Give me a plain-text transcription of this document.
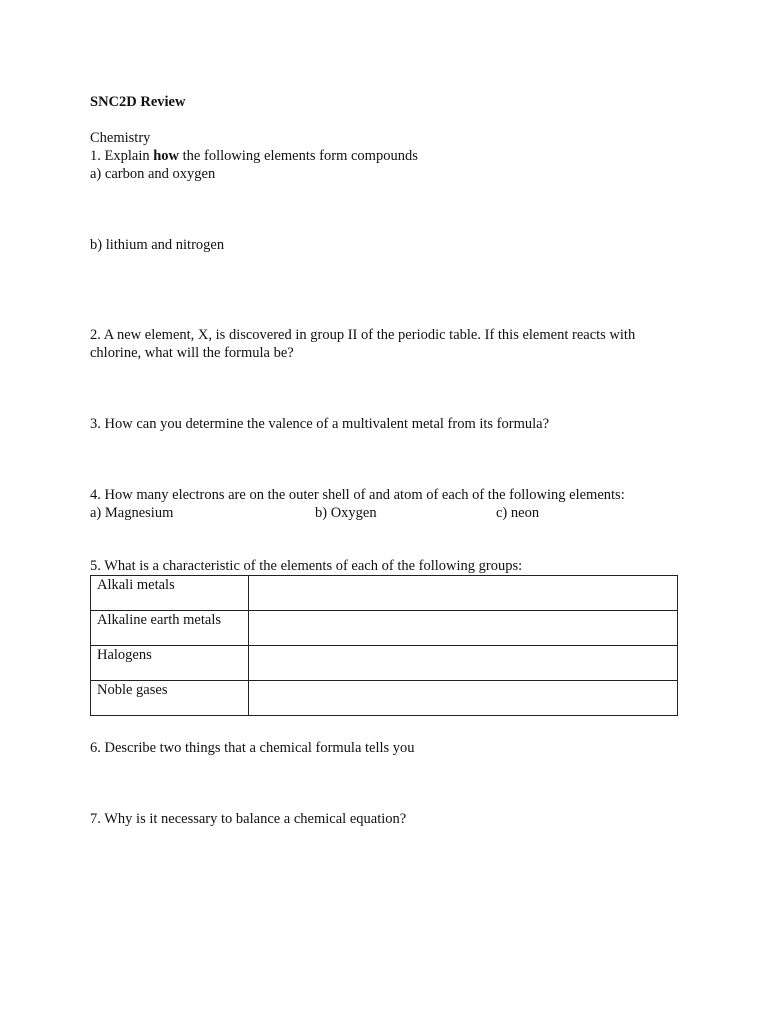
SNC2D Review
Chemistry
1. Explain how the following elements form compounds
a) carbon and oxygen
b) lithium and nitrogen
2. A new element, X, is discovered in group II of the periodic table. If this element reacts with
chlorine, what will the formula be?
3. How can you determine the valence of a multivalent metal from its formula?
4. How many electrons are on the outer shell of and atom of each of the following elements:
a) Magnesium	b) Oxygen	c) neon
5. What is a characteristic of the elements of each of the following groups:
Alkali metals	
Alkaline earth metals	
Halogens	
Noble gases	
6. Describe two things that a chemical formula tells you
7. Why is it necessary to balance a chemical equation?
